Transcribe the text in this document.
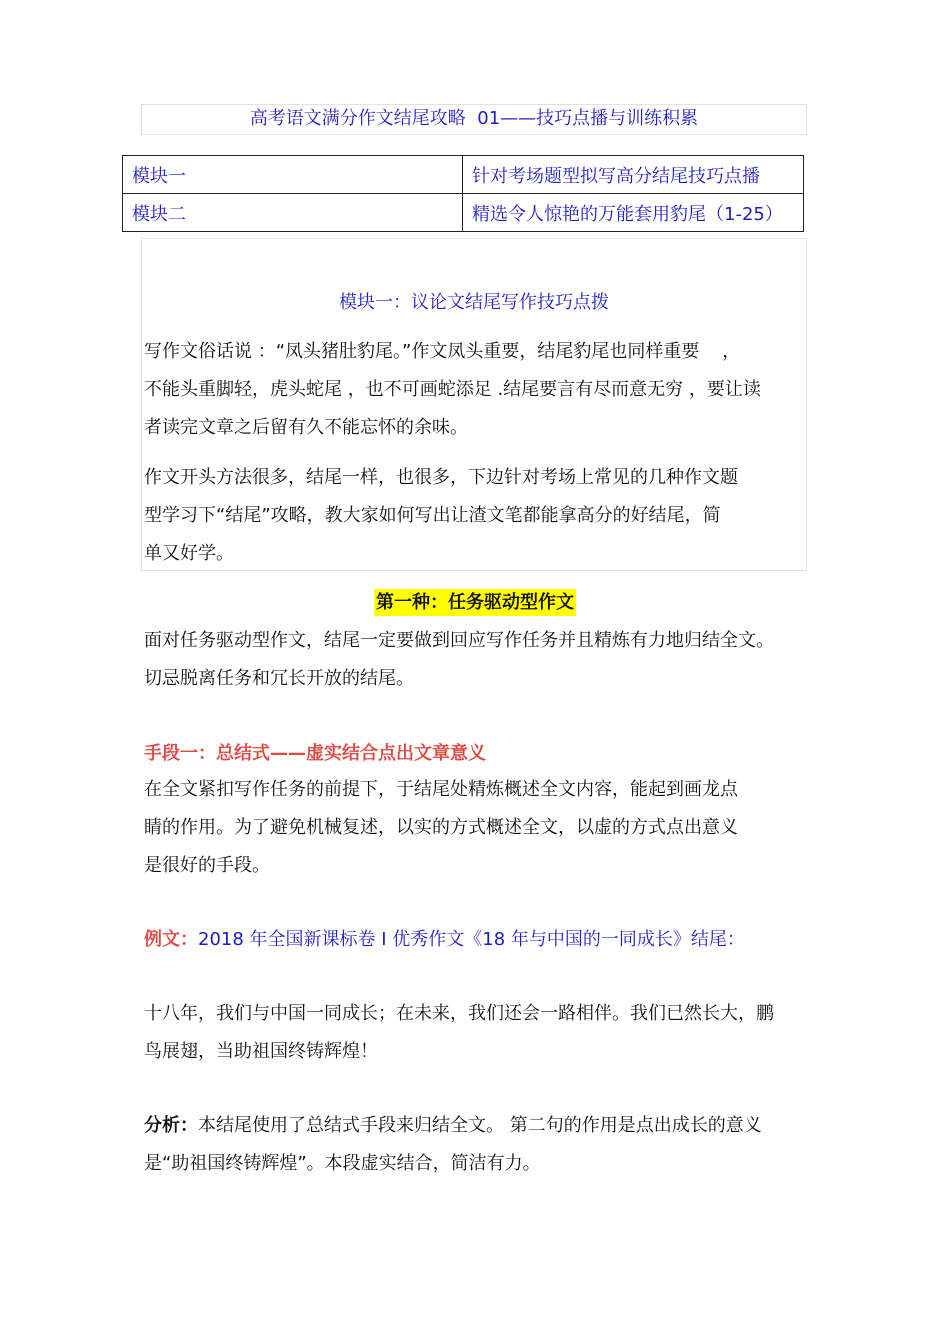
高考语文满分作文结尾攻略  01——技巧点播与训练积累
模块一	针对考场题型拟写高分结尾技巧点播
模块二	精选令人惊艳的万能套用豹尾（1-25）
模块一：议论文结尾写作技巧点拨

写作文俗话说 ：“凤头猪肚豹尾。”作文凤头重要，结尾豹尾也同样重要    ，
不能头重脚轻，虎头蛇尾 ，也不可画蛇添足 .结尾要言有尽而意无穷 ，要让读
者读完文章之后留有久不能忘怀的余味。

作文开头方法很多，结尾一样，也很多，下边针对考场上常见的几种作文题
型学习下“结尾”攻略，教大家如何写出让渣文笔都能拿高分的好结尾，简
单又好学。

第一种：任务驱动型作文

面对任务驱动型作文，结尾一定要做到回应写作任务并且精炼有力地归结全文。
切忌脱离任务和冗长开放的结尾。

手段一：总结式——虚实结合点出文章意义

在全文紧扣写作任务的前提下，于结尾处精炼概述全文内容，能起到画龙点
睛的作用。为了避免机械复述，以实的方式概述全文，以虚的方式点出意义
是很好的手段。

例文：2018 年全国新课标卷 I 优秀作文《18 年与中国的一同成长》结尾：

十八年，我们与中国一同成长；在未来，我们还会一路相伴。我们已然长大，鹏
鸟展翅，当助祖国终铸辉煌！

分析：本结尾使用了总结式手段来归结全文。 第二句的作用是点出成长的意义
是“助祖国终铸辉煌”。本段虚实结合，简洁有力。
